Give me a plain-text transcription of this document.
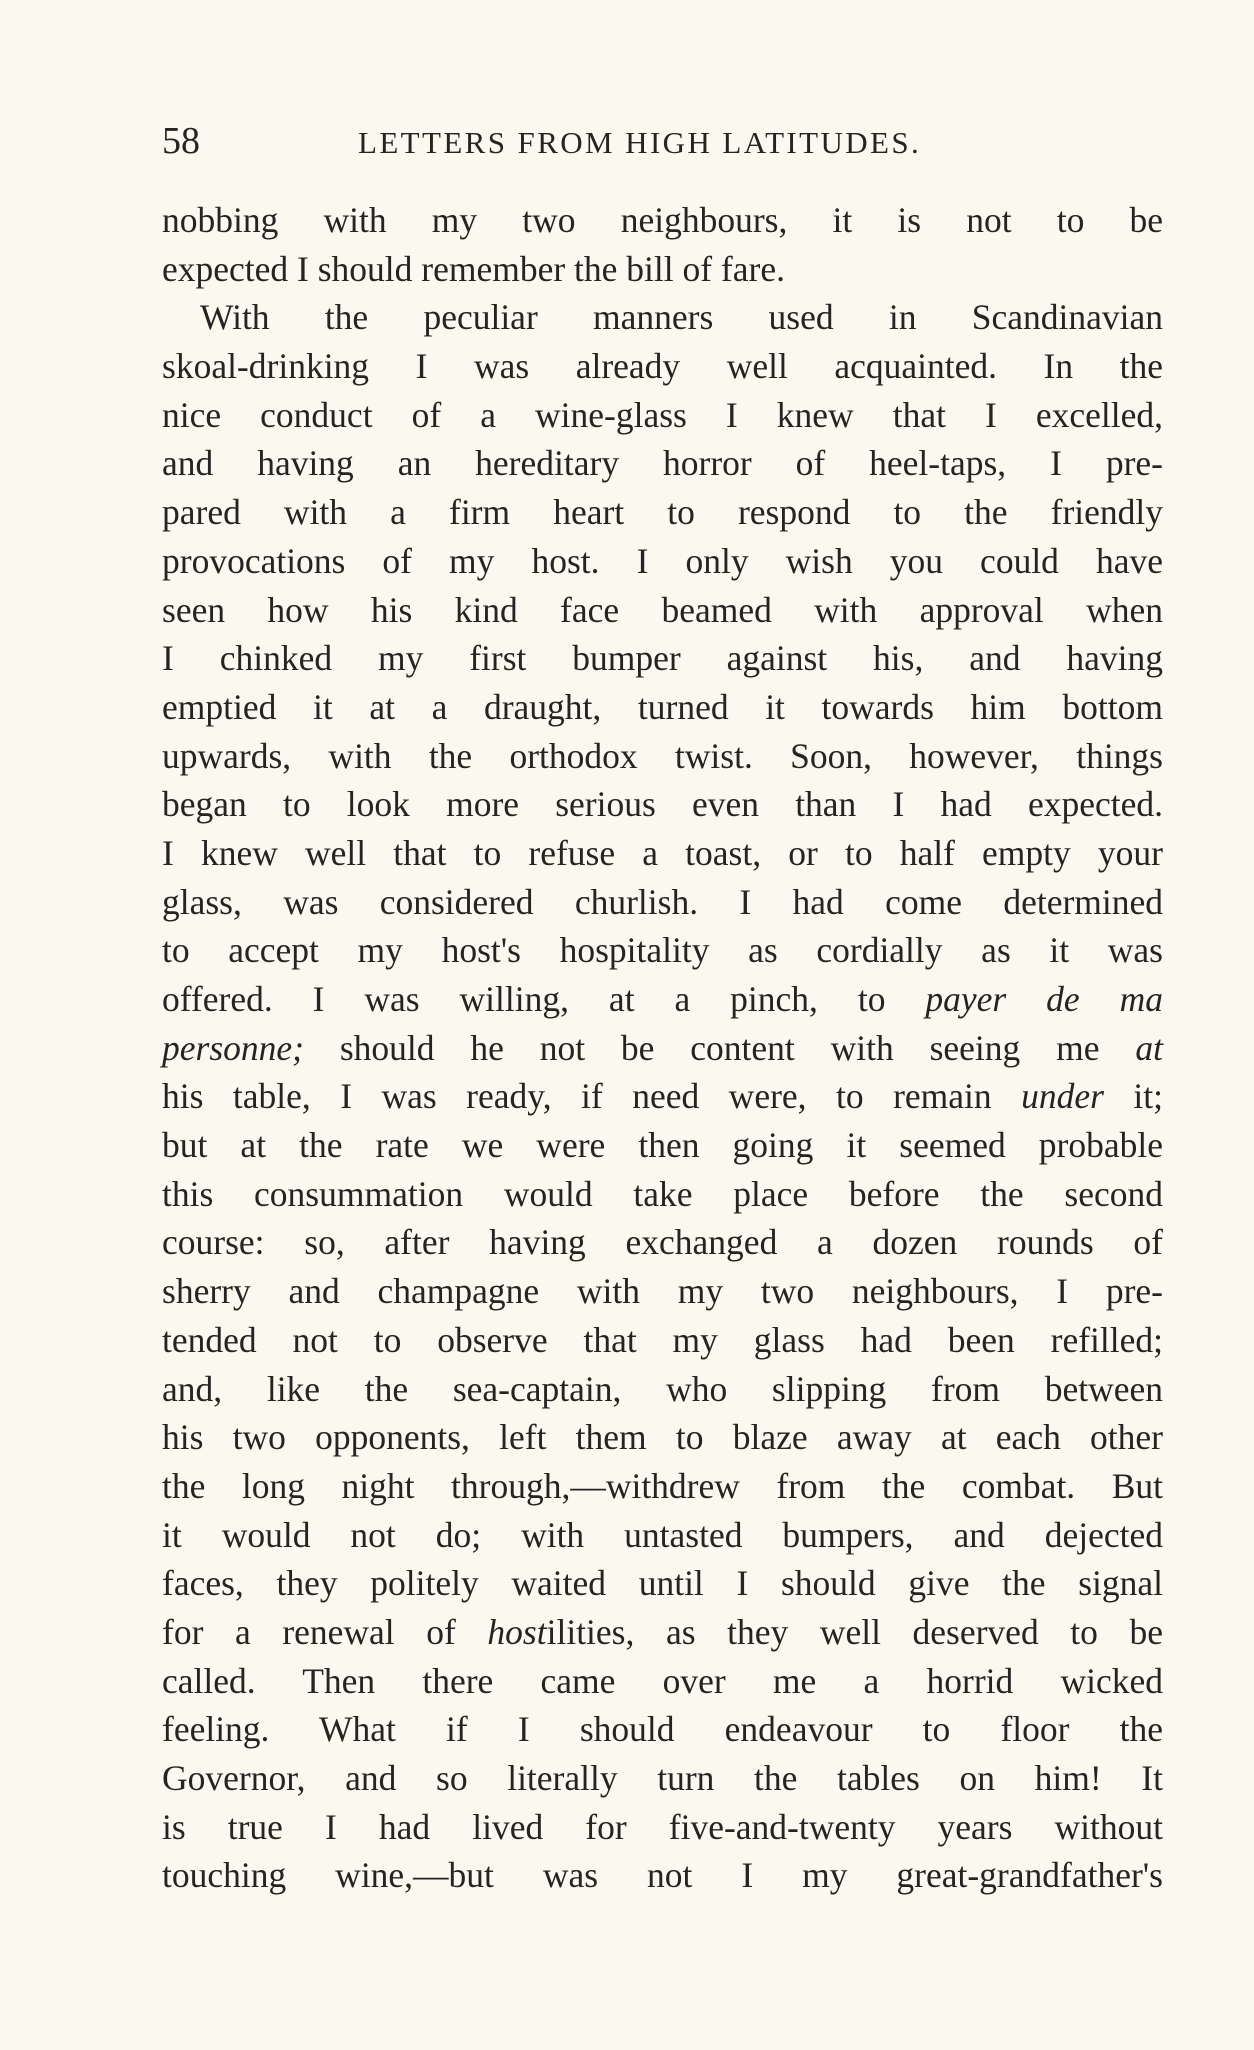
58	LETTERS FROM HIGH LATITUDES.
nobbing with my two neighbours, it is not to be
expected I should remember the bill of fare.
With the peculiar manners used in Scandinavian
skoal-drinking I was already well acquainted. In the
nice conduct of a wine-glass I knew that I excelled,
and having an hereditary horror of heel-taps, I pre-
pared with a firm heart to respond to the friendly
provocations of my host. I only wish you could have
seen how his kind face beamed with approval when
I chinked my first bumper against his, and having
emptied it at a draught, turned it towards him bottom
upwards, with the orthodox twist. Soon, however, things
began to look more serious even than I had expected.
I knew well that to refuse a toast, or to half empty your
glass, was considered churlish. I had come determined
to accept my host's hospitality as cordially as it was
offered. I was willing, at a pinch, to payer de ma
personne; should he not be content with seeing me at
his table, I was ready, if need were, to remain under it;
but at the rate we were then going it seemed probable
this consummation would take place before the second
course: so, after having exchanged a dozen rounds of
sherry and champagne with my two neighbours, I pre-
tended not to observe that my glass had been refilled;
and, like the sea-captain, who slipping from between
his two opponents, left them to blaze away at each other
the long night through,—withdrew from the combat. But
it would not do; with untasted bumpers, and dejected
faces, they politely waited until I should give the signal
for a renewal of hostilities, as they well deserved to be
called. Then there came over me a horrid wicked
feeling. What if I should endeavour to floor the
Governor, and so literally turn the tables on him! It
is true I had lived for five-and-twenty years without
touching wine,—but was not I my great-grandfather's
